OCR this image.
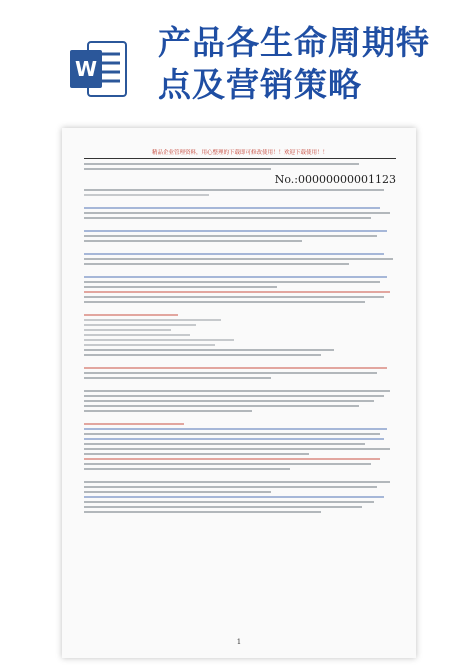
W
产品各生命周期特
点及营销策略
精品企业管理资料，用心整理的下载即可修改使用！！欢迎下载使用！！
No.:00000000001123
1
